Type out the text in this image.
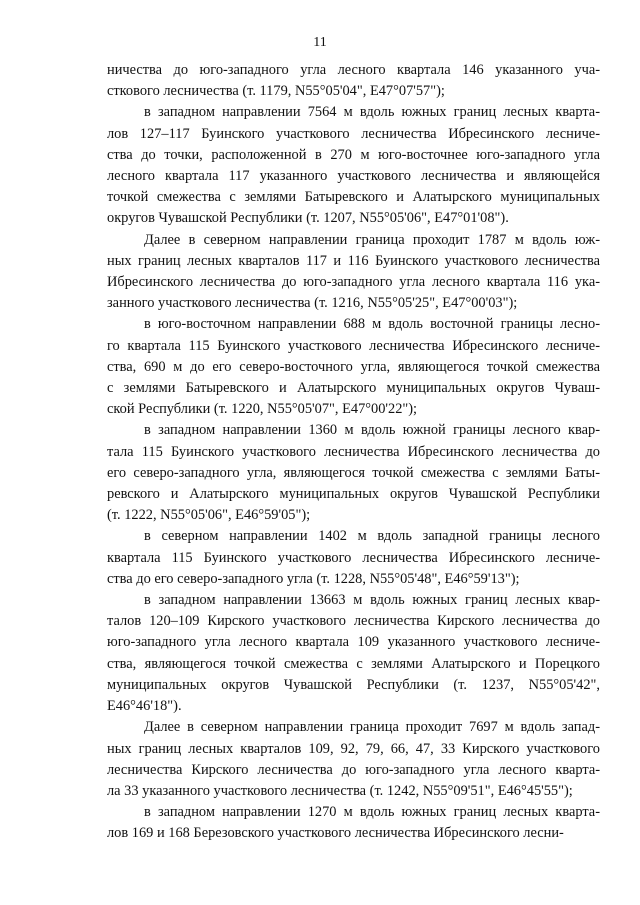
11

ничества до юго-западного угла лесного квартала 146 указанного уча-

сткового лесничества (т. 1179, N55°05'04", E47°07'57");

в западном направлении 7564 м вдоль южных границ лесных кварта-

лов 127–117 Буинского участкового лесничества Ибресинского лесниче-

ства до точки, расположенной в 270 м юго-восточнее юго-западного угла

лесного квартала 117 указанного участкового лесничества и являющейся

точкой смежества с землями Батыревского и Алатырского муниципальных

округов Чувашской Республики (т. 1207, N55°05'06", E47°01'08").

Далее в северном направлении граница проходит 1787 м вдоль юж-

ных границ лесных кварталов 117 и 116 Буинского участкового лесничества

Ибресинского лесничества до юго-западного угла лесного квартала 116 ука-

занного участкового лесничества (т. 1216, N55°05'25", E47°00'03");

в юго-восточном направлении 688 м вдоль восточной границы лесно-

го квартала 115 Буинского участкового лесничества Ибресинского лесниче-

ства, 690 м до его северо-восточного угла, являющегося точкой смежества

с землями Батыревского и Алатырского муниципальных округов Чуваш-

ской Республики (т. 1220, N55°05'07", E47°00'22");

в западном направлении 1360 м вдоль южной границы лесного квар-

тала 115 Буинского участкового лесничества Ибресинского лесничества до

его северо-западного угла, являющегося точкой смежества с землями Баты-

ревского и Алатырского муниципальных округов Чувашской Республики

(т. 1222, N55°05'06", E46°59'05");

в северном направлении 1402 м вдоль западной границы лесного

квартала 115 Буинского участкового лесничества Ибресинского лесниче-

ства до его северо-западного угла (т. 1228, N55°05'48", E46°59'13");

в западном направлении 13663 м вдоль южных границ лесных квар-

талов 120–109 Кирского участкового лесничества Кирского лесничества до

юго-западного угла лесного квартала 109 указанного участкового лесниче-

ства, являющегося точкой смежества с землями Алатырского и Порецкого

муниципальных округов Чувашской Республики (т. 1237, N55°05'42",

E46°46'18").

Далее в северном направлении граница проходит 7697 м вдоль запад-

ных границ лесных кварталов 109, 92, 79, 66, 47, 33 Кирского участкового

лесничества Кирского лесничества до юго-западного угла лесного кварта-

ла 33 указанного участкового лесничества (т. 1242, N55°09'51", E46°45'55");

в западном направлении 1270 м вдоль южных границ лесных кварта-

лов 169 и 168 Березовского участкового лесничества Ибресинского лесни-
